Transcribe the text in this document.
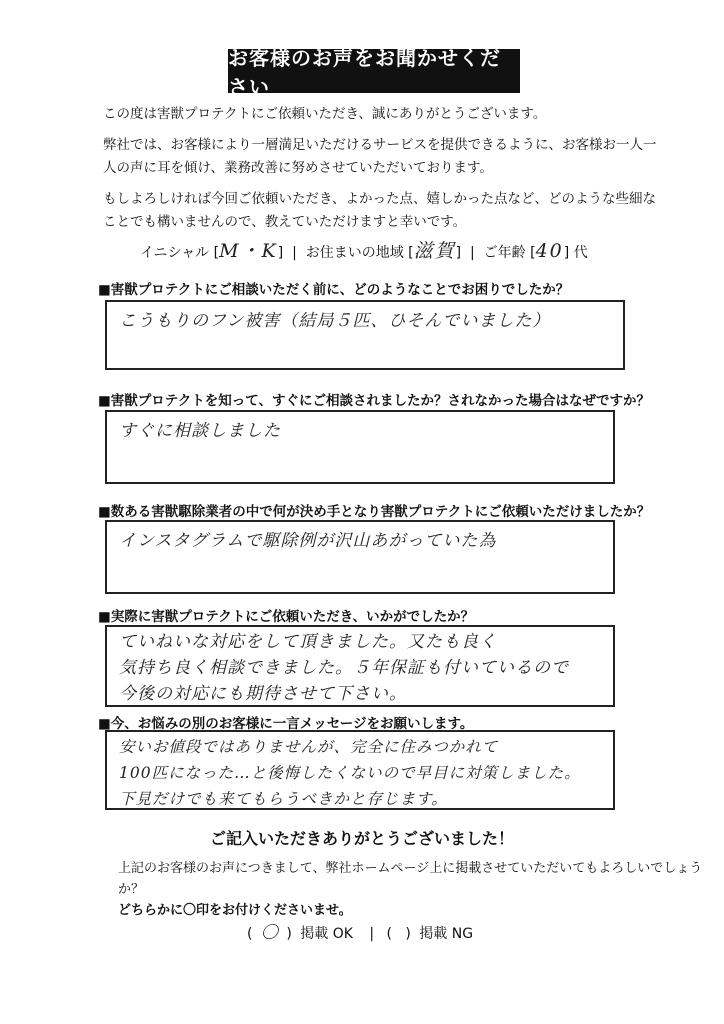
お客様のお声をお聞かせください

この度は害獣プロテクトにご依頼いただき、誠にありがとうございます。

弊社では、お客様により一層満足いただけるサービスを提供できるように、お客様お一人一人の声に耳を傾け、業務改善に努めさせていただいております。

もしよろしければ今回ご依頼いただき、よかった点、嬉しかった点など、どのような些細なことでも構いませんので、教えていただけますと幸いです。

イニシャル [M・K]  |  お住まいの地域 [滋賀]  |  ご年齢 [40] 代
■害獣プロテクトにご相談いただく前に、どのようなことでお困りでしたか？
こうもりのフン被害（結局５匹、ひそんでいました）
■害獣プロテクトを知って、すぐにご相談されましたか？されなかった場合はなぜですか？
すぐに相談しました
■数ある害獣駆除業者の中で何が決め手となり害獣プロテクトにご依頼いただけましたか？
インスタグラムで駆除例が沢山あがっていた為
■実際に害獣プロテクトにご依頼いただき、いかがでしたか？
ていねいな対応をして頂きました。又たも良く
気持ち良く相談できました。５年保証も付いているので
今後の対応にも期待させて下さい。
■今、お悩みの別のお客様に一言メッセージをお願いします。
安いお値段ではありませんが、完全に住みつかれて
100匹になった…と後悔したくないので早目に対策しました。
下見だけでも来てもらうべきかと存じます。
ご記入いただきありがとうございました！
上記のお客様のお声につきまして、弊社ホームページ上に掲載させていただいてもよろしいでしょうか？
どちらかに〇印をお付けくださいませ。
( 〇 ) 掲載 OK | (   ) 掲載 NG
